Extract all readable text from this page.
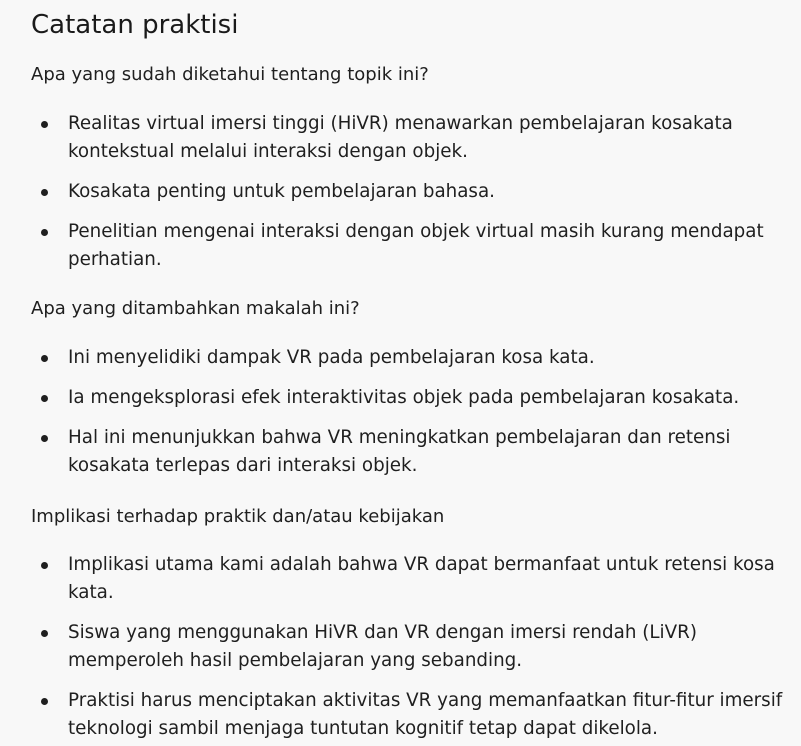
Catatan praktisi
Apa yang sudah diketahui tentang topik ini?
Realitas virtual imersi tinggi (HiVR) menawarkan pembelajaran kosakata kontekstual melalui interaksi dengan objek.
Kosakata penting untuk pembelajaran bahasa.
Penelitian mengenai interaksi dengan objek virtual masih kurang mendapat perhatian.
Apa yang ditambahkan makalah ini?
Ini menyelidiki dampak VR pada pembelajaran kosa kata.
Ia mengeksplorasi efek interaktivitas objek pada pembelajaran kosakata.
Hal ini menunjukkan bahwa VR meningkatkan pembelajaran dan retensi kosakata terlepas dari interaksi objek.
Implikasi terhadap praktik dan/atau kebijakan
Implikasi utama kami adalah bahwa VR dapat bermanfaat untuk retensi kosa kata.
Siswa yang menggunakan HiVR dan VR dengan imersi rendah (LiVR) memperoleh hasil pembelajaran yang sebanding.
Praktisi harus menciptakan aktivitas VR yang memanfaatkan fitur-fitur imersif teknologi sambil menjaga tuntutan kognitif tetap dapat dikelola.
